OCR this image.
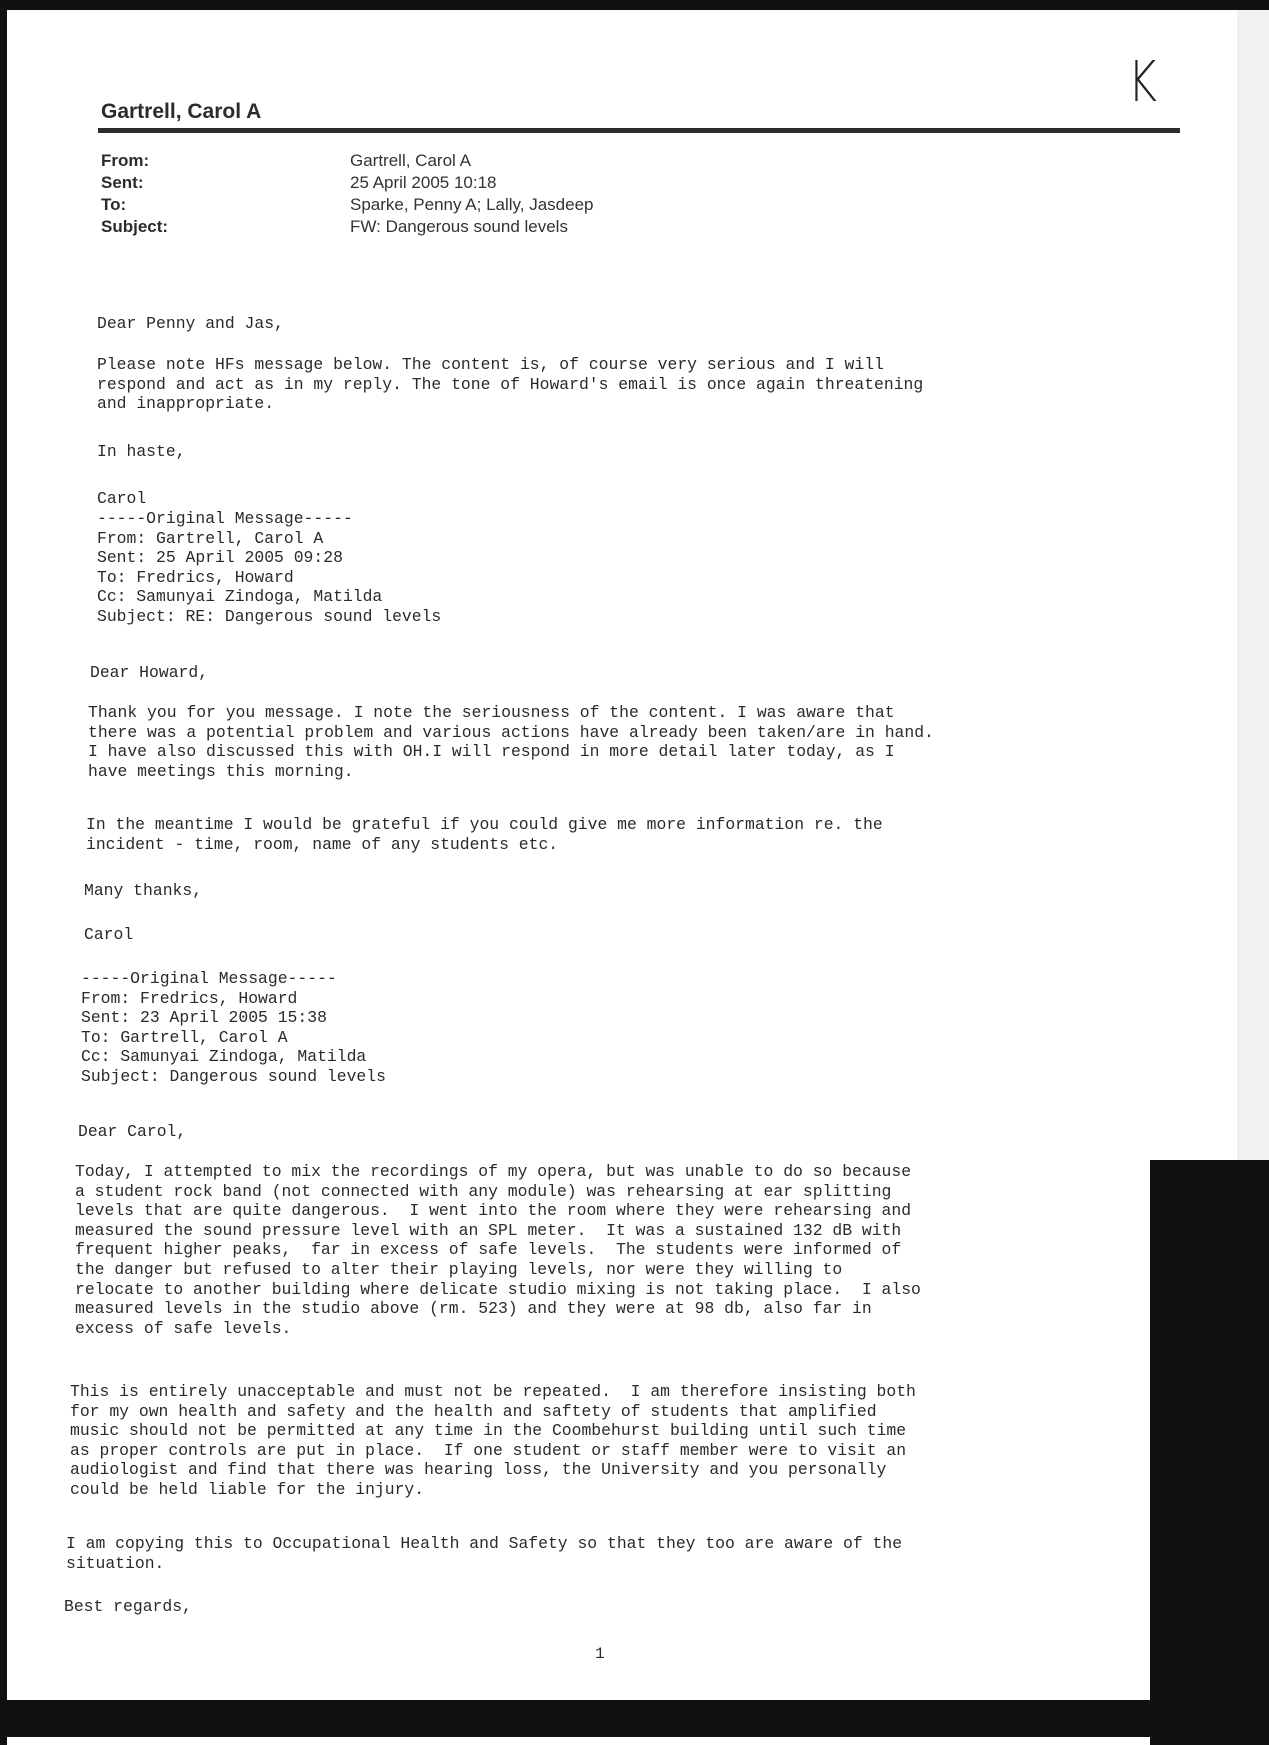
K
Gartrell, Carol A
From:	Gartrell, Carol A
Sent:	25 April 2005 10:18
To:	Sparke, Penny A; Lally, Jasdeep
Subject:	FW: Dangerous sound levels
Dear Penny and Jas,
Please note HFs message below. The content is, of course very serious and I will
respond and act as in my reply. The tone of Howard's email is once again threatening
and inappropriate.
In haste,
Carol
-----Original Message-----
From: Gartrell, Carol A
Sent: 25 April 2005 09:28
To: Fredrics, Howard
Cc: Samunyai Zindoga, Matilda
Subject: RE: Dangerous sound levels
Dear Howard,
Thank you for you message. I note the seriousness of the content. I was aware that
there was a potential problem and various actions have already been taken/are in hand.
I have also discussed this with OH.I will respond in more detail later today, as I
have meetings this morning.
In the meantime I would be grateful if you could give me more information re. the
incident - time, room, name of any students etc.
Many thanks,
Carol
-----Original Message-----
From: Fredrics, Howard
Sent: 23 April 2005 15:38
To: Gartrell, Carol A
Cc: Samunyai Zindoga, Matilda
Subject: Dangerous sound levels
Dear Carol,
Today, I attempted to mix the recordings of my opera, but was unable to do so because
a student rock band (not connected with any module) was rehearsing at ear splitting
levels that are quite dangerous.  I went into the room where they were rehearsing and
measured the sound pressure level with an SPL meter.  It was a sustained 132 dB with
frequent higher peaks,  far in excess of safe levels.  The students were informed of
the danger but refused to alter their playing levels, nor were they willing to
relocate to another building where delicate studio mixing is not taking place.  I also
measured levels in the studio above (rm. 523) and they were at 98 db, also far in
excess of safe levels.
This is entirely unacceptable and must not be repeated.  I am therefore insisting both
for my own health and safety and the health and saftety of students that amplified
music should not be permitted at any time in the Coombehurst building until such time
as proper controls are put in place.  If one student or staff member were to visit an
audiologist and find that there was hearing loss, the University and you personally
could be held liable for the injury.
I am copying this to Occupational Health and Safety so that they too are aware of the
situation.
Best regards,
1
